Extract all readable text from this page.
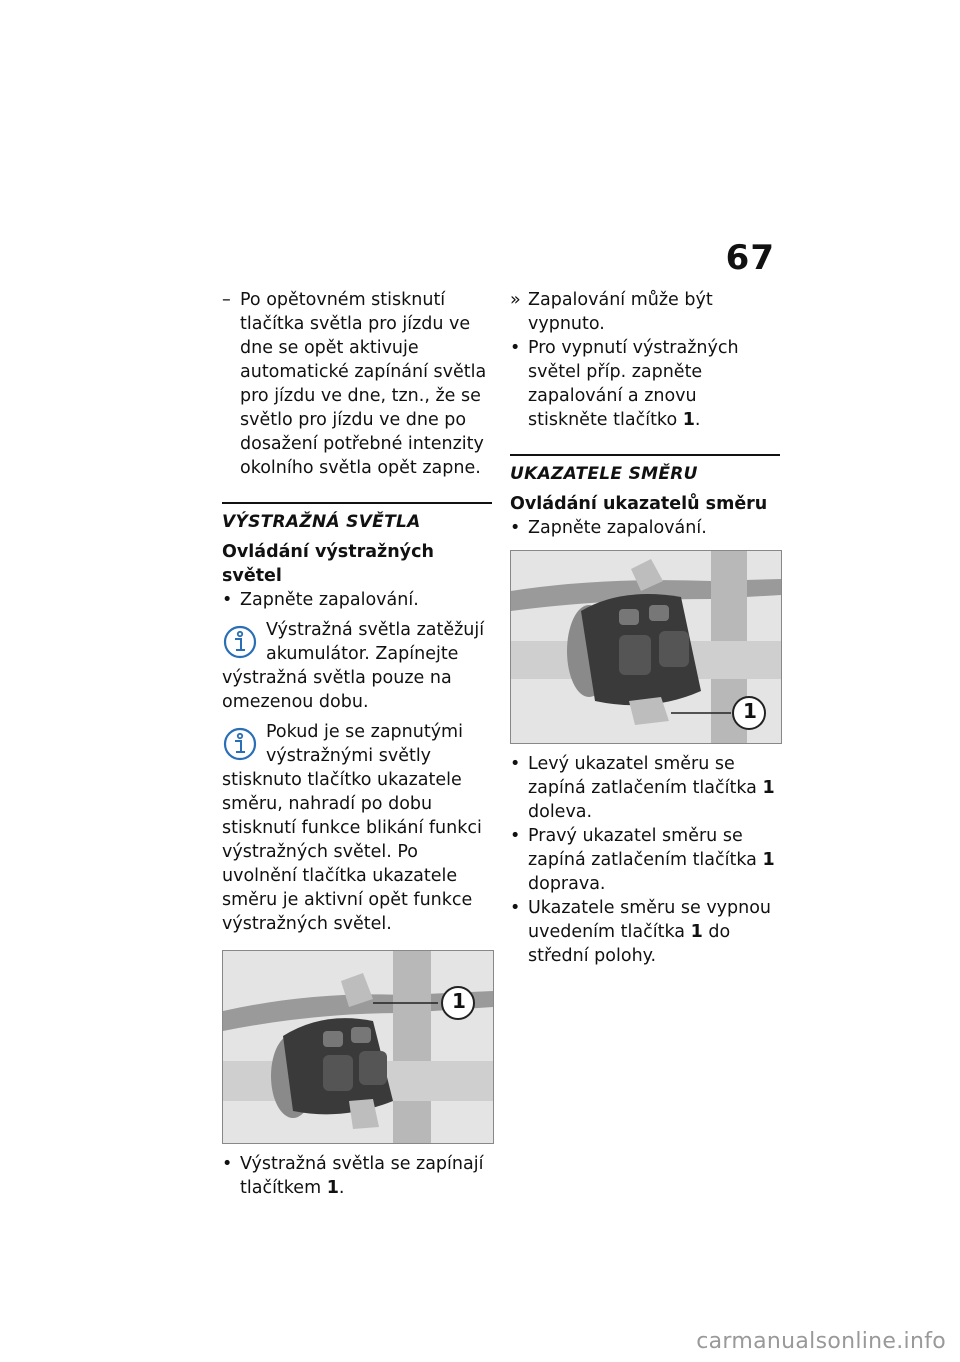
67

– Po opětovném stisknutí tlačítka světla pro jízdu ve dne se opět aktivuje automatické zapínání světla pro jízdu ve dne, tzn., že se světlo pro jízdu ve dne po dosažení potřebné intenzity okolního světla opět zapne.

VÝSTRAŽNÁ SVĚTLA
Ovládání výstražných světel

• Zapněte zapalování.

Výstražná světla zatěžují akumulátor. Zapínejte výstražná světla pouze na omezenou dobu.
Pokud je se zapnutými výstražnými světly stisknuto tlačítko ukazatele směru, nahradí po dobu stisknutí funkce blikání funkci výstražných světel. Po uvolnění tlačítka ukazatele směru je aktivní opět funkce výstražných světel.
1

• Výstražná světla se zapínají tlačítkem 1.

» Zapalování může být vypnuto.

• Pro vypnutí výstražných světel příp. zapněte zapalování a znovu stiskněte tlačítko 1.

UKAZATELE SMĚRU
Ovládání ukazatelů směru

• Zapněte zapalování.

1

• Levý ukazatel směru se zapíná zatlačením tlačítka 1 doleva.

• Pravý ukazatel směru se zapíná zatlačením tlačítka 1 doprava.

• Ukazatele směru se vypnou uvedením tlačítka 1 do střední polohy.

carmanualsonline.info
